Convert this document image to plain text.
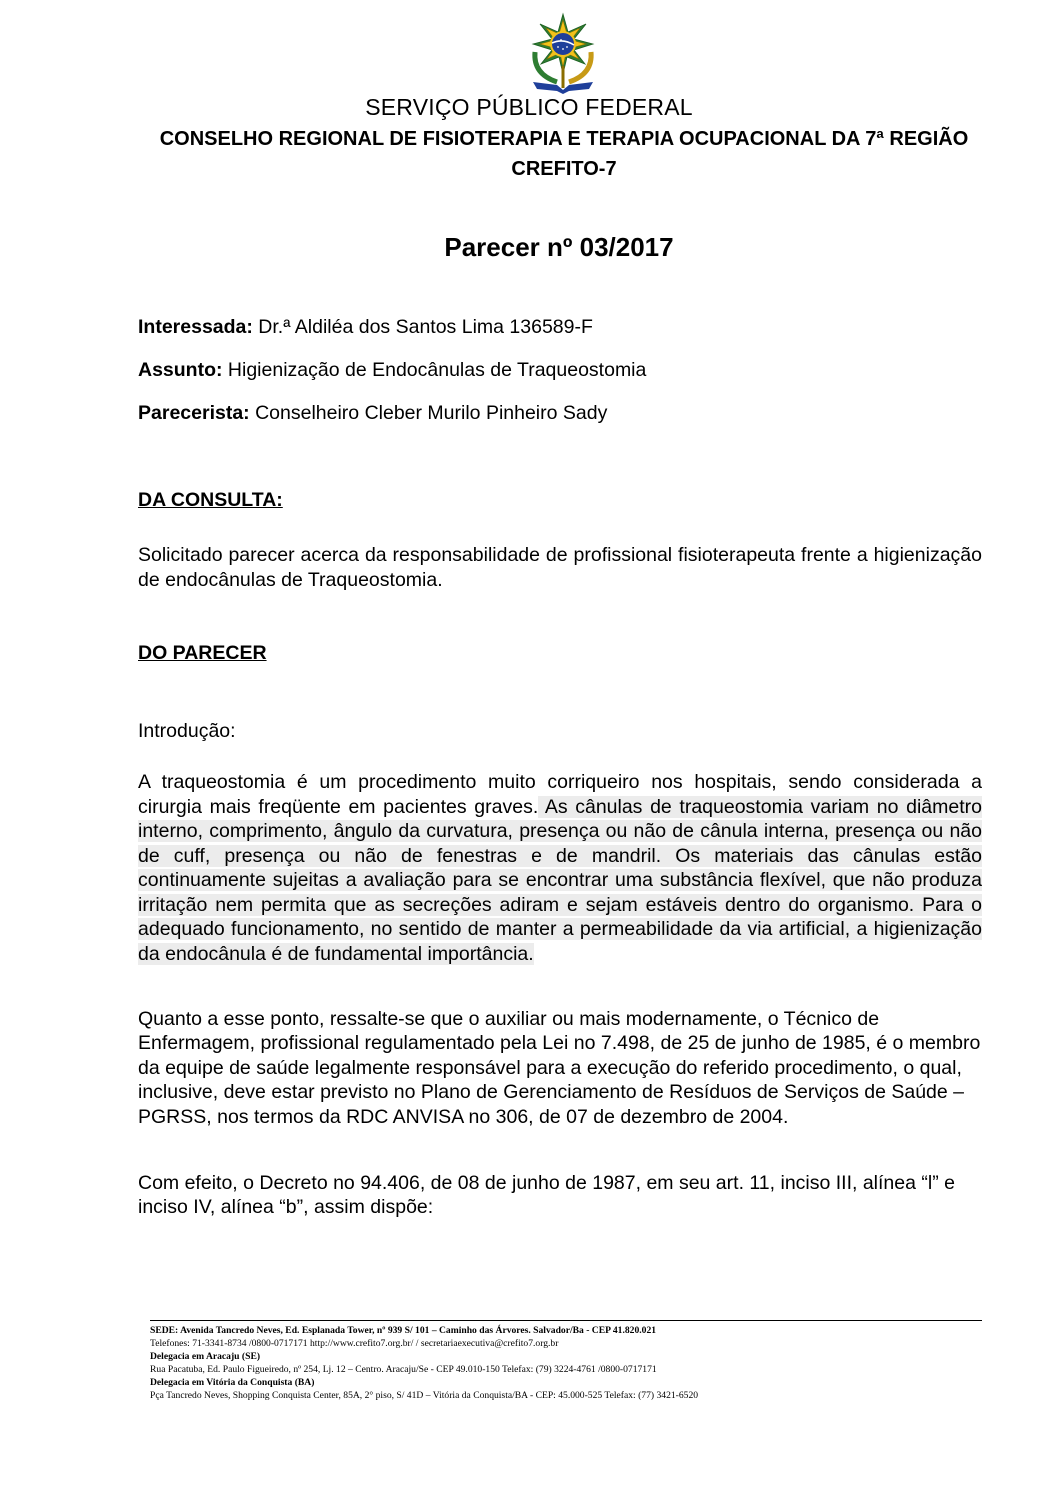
SERVIÇO PÚBLICO FEDERAL
CONSELHO REGIONAL DE FISIOTERAPIA E TERAPIA OCUPACIONAL DA 7ª REGIÃO
CREFITO-7
Parecer nº 03/2017
Interessada: Dr.ª Aldiléa dos Santos Lima 136589-F
Assunto: Higienização de Endocânulas de Traqueostomia
Parecerista: Conselheiro Cleber Murilo Pinheiro Sady
DA CONSULTA:
Solicitado parecer acerca da responsabilidade de profissional fisioterapeuta frente a higienização de endocânulas de Traqueostomia.
DO PARECER
Introdução:
A traqueostomia é um procedimento muito corriqueiro nos hospitais, sendo considerada a cirurgia mais freqüente em pacientes graves. As cânulas de traqueostomia variam no diâmetro interno, comprimento, ângulo da curvatura, presença ou não de cânula interna, presença ou não de cuff, presença ou não de fenestras e de mandril. Os materiais das cânulas estão continuamente sujeitas a avaliação para se encontrar uma substância flexível, que não produza irritação nem permita que as secreções adiram e sejam estáveis dentro do organismo. Para o adequado funcionamento, no sentido de manter a permeabilidade da via artificial, a higienização da endocânula é de fundamental importância.
Quanto a esse ponto, ressalte-se que o auxiliar ou mais modernamente, o Técnico de Enfermagem, profissional regulamentado pela Lei no 7.498, de 25 de junho de 1985, é o membro da equipe de saúde legalmente responsável para a execução do referido procedimento, o qual, inclusive, deve estar previsto no Plano de Gerenciamento de Resíduos de Serviços de Saúde – PGRSS, nos termos da RDC ANVISA no 306, de 07 de dezembro de 2004.
Com efeito, o Decreto no 94.406, de 08 de junho de 1987, em seu art. 11, inciso III, alínea “l” e inciso IV, alínea “b”, assim dispõe:
SEDE: Avenida Tancredo Neves, Ed. Esplanada Tower, nº 939 S/ 101 – Caminho das Árvores. Salvador/Ba - CEP 41.820.021
Telefones: 71-3341-8734 /0800-0717171 http://www.crefito7.org.br/ / secretariaexecutiva@crefito7.org.br
Delegacia em Aracaju (SE)
Rua Pacatuba, Ed. Paulo Figueiredo, nº 254, Lj. 12 – Centro. Aracaju/Se - CEP 49.010-150 Telefax: (79) 3224-4761 /0800-0717171
Delegacia em Vitória da Conquista (BA)
Pça Tancredo Neves, Shopping Conquista Center, 85A, 2° piso, S/ 41D – Vitória da Conquista/BA - CEP: 45.000-525 Telefax: (77) 3421-6520
